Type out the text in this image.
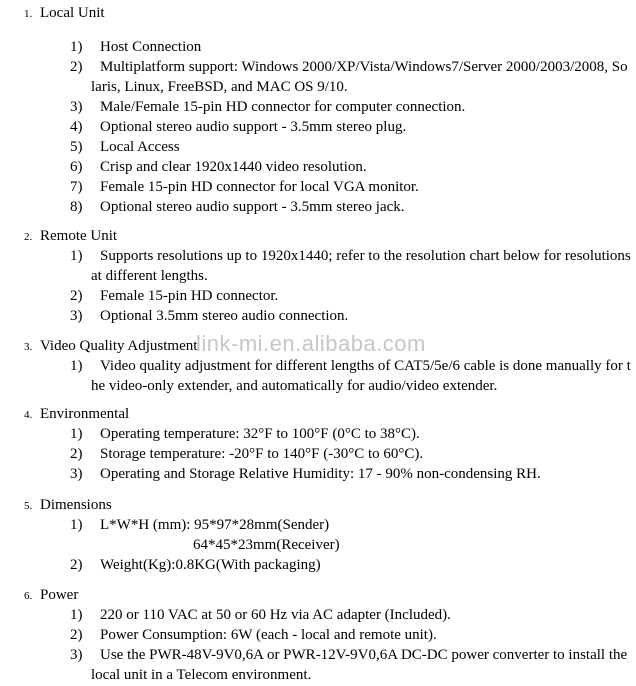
1. Local Unit
1)	Host Connection
2)	Multiplatform support: Windows 2000/XP/Vista/Windows7/Server 2000/2003/2008, Solaris, Linux, FreeBSD, and MAC OS 9/10.
3)	Male/Female 15-pin HD connector for computer connection.
4)	Optional stereo audio support - 3.5mm stereo plug.
5)	Local Access
6)	Crisp and clear 1920x1440 video resolution.
7)	Female 15-pin HD connector for local VGA monitor.
8)	Optional stereo audio support - 3.5mm stereo jack.
2. Remote Unit
1)	Supports resolutions up to 1920x1440; refer to the resolution chart below for resolutions at different lengths.
2)	Female 15-pin HD connector.
3)	Optional 3.5mm stereo audio connection.
3. Video Quality Adjustment
1)	Video quality adjustment for different lengths of CAT5/5e/6 cable is done manually for the video-only extender, and automatically for audio/video extender.
4. Environmental
1)	Operating temperature: 32°F to 100°F (0°C to 38°C).
2)	Storage temperature: -20°F to 140°F (-30°C to 60°C).
3)	Operating and Storage Relative Humidity: 17 - 90% non-condensing RH.
5. Dimensions
1)	L*W*H (mm): 95*97*28mm(Sender)
64*45*23mm(Receiver)
2)	Weight(Kg):0.8KG(With packaging)
6. Power
1)	220 or 110 VAC at 50 or 60 Hz via AC adapter (Included).
2)	Power Consumption: 6W (each - local and remote unit).
3)	Use the PWR-48V-9V0,6A or PWR-12V-9V0,6A DC-DC power converter to install the local unit in a Telecom environment.
link-mi.en.alibaba.com
